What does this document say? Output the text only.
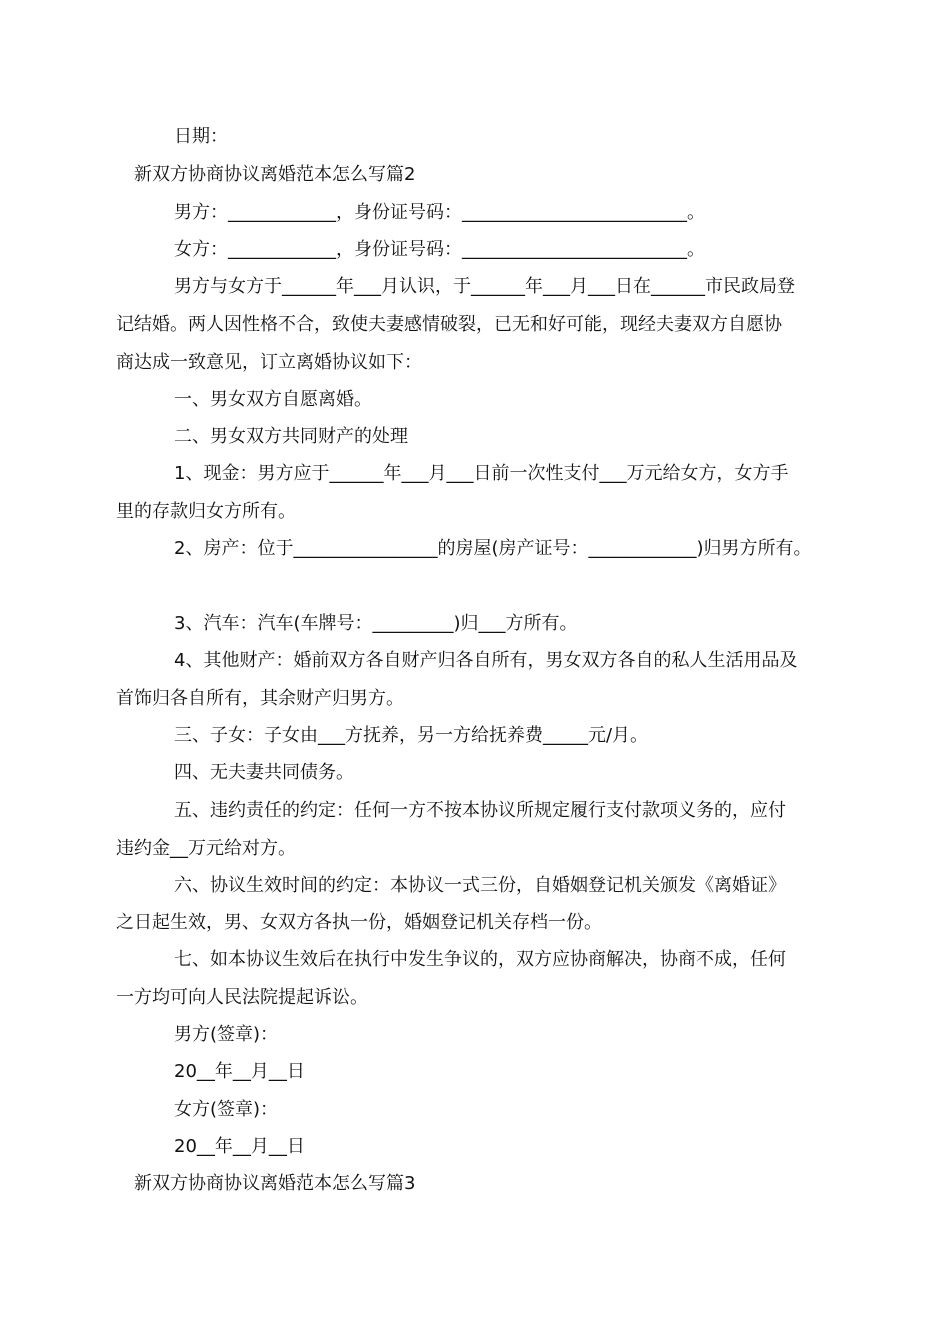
日期：
新双方协商协议离婚范本怎么写篇2
男方：____________，身份证号码：_________________________。
女方：____________，身份证号码：_________________________。
男方与女方于______年___月认识，于______年___月___日在______市民政局登
记结婚。两人因性格不合，致使夫妻感情破裂，已无和好可能，现经夫妻双方自愿协
商达成一致意见，订立离婚协议如下：
一、男女双方自愿离婚。
二、男女双方共同财产的处理
1、现金：男方应于______年___月___日前一次性支付___万元给女方，女方手
里的存款归女方所有。
2、房产：位于________________的房屋(房产证号：____________)归男方所有。
3、汽车：汽车(车牌号：_________)归___方所有。
4、其他财产：婚前双方各自财产归各自所有，男女双方各自的私人生活用品及
首饰归各自所有，其余财产归男方。
三、子女：子女由___方抚养，另一方给抚养费_____元/月。
四、无夫妻共同债务。
五、违约责任的约定：任何一方不按本协议所规定履行支付款项义务的，应付
违约金__万元给对方。
六、协议生效时间的约定：本协议一式三份，自婚姻登记机关颁发《离婚证》
之日起生效，男、女双方各执一份，婚姻登记机关存档一份。
七、如本协议生效后在执行中发生争议的，双方应协商解决，协商不成，任何
一方均可向人民法院提起诉讼。
男方(签章)：
20__年__月__日
女方(签章)：
20__年__月__日
新双方协商协议离婚范本怎么写篇3
